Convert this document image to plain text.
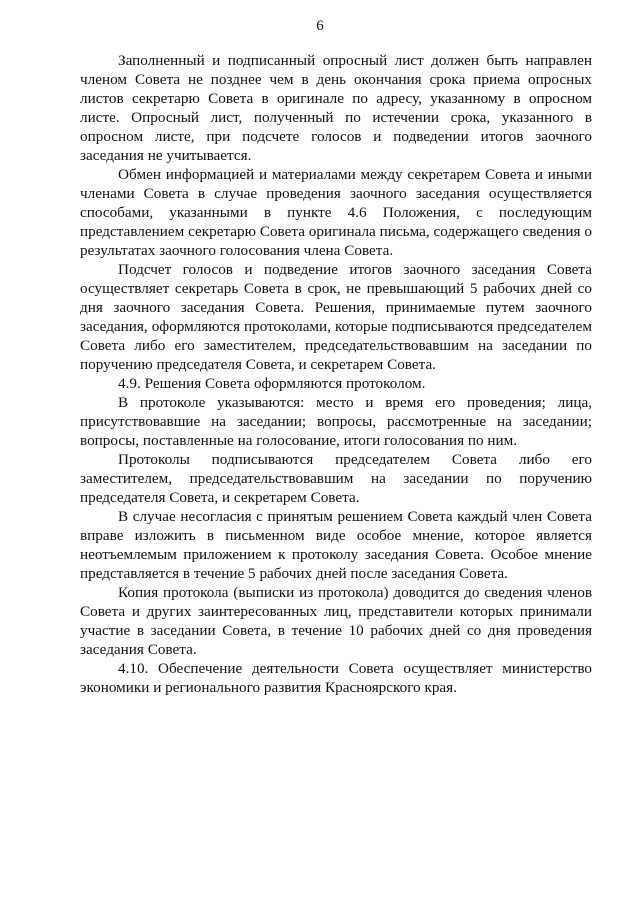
6

Заполненный и подписанный опросный лист должен быть направлен членом Совета не позднее чем в день окончания срока приема опросных листов секретарю Совета в оригинале по адресу, указанному в опросном листе. Опросный лист, полученный по истечении срока, указанного в опросном листе, при подсчете голосов и подведении итогов заочного заседания не учитывается.

Обмен информацией и материалами между секретарем Совета и иными членами Совета в случае проведения заочного заседания осуществляется способами, указанными в пункте 4.6 Положения, с последующим представлением секретарю Совета оригинала письма, содержащего сведения о результатах заочного голосования члена Совета.

Подсчет голосов и подведение итогов заочного заседания Совета осуществляет секретарь Совета в срок, не превышающий 5 рабочих дней со дня заочного заседания Совета. Решения, принимаемые путем заочного заседания, оформляются протоколами, которые подписываются председателем Совета либо его заместителем, председательствовавшим на заседании по поручению председателя Совета, и секретарем Совета.

4.9. Решения Совета оформляются протоколом.

В протоколе указываются: место и время его проведения; лица, присутствовавшие на заседании; вопросы, рассмотренные на заседании; вопросы, поставленные на голосование, итоги голосования по ним.

Протоколы подписываются председателем Совета либо его заместителем, председательствовавшим на заседании по поручению председателя Совета, и секретарем Совета.

В случае несогласия с принятым решением Совета каждый член Совета вправе изложить в письменном виде особое мнение, которое является неотъемлемым приложением к протоколу заседания Совета. Особое мнение представляется в течение 5 рабочих дней после заседания Совета.

Копия протокола (выписки из протокола) доводится до сведения членов Совета и других заинтересованных лиц, представители которых принимали участие в заседании Совета, в течение 10 рабочих дней со дня проведения заседания Совета.

4.10. Обеспечение деятельности Совета осуществляет министерство экономики и регионального развития Красноярского края.
